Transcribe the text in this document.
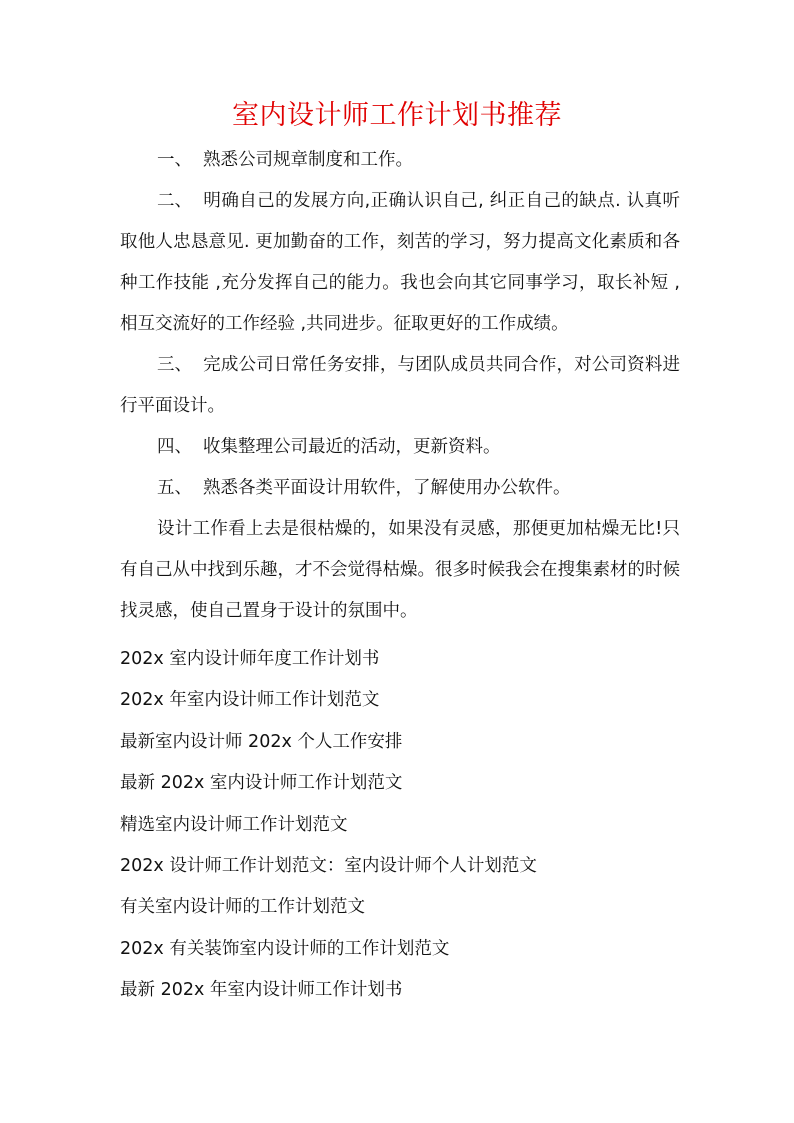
室内设计师工作计划书推荐

一、 熟悉公司规章制度和工作。

二、 明确自己的发展方向,正确认识自己, 纠正自己的缺点. 认真听取他人忠恳意见. 更加勤奋的工作，刻苦的学习，努力提高文化素质和各种工作技能 ,充分发挥自己的能力。我也会向其它同事学习，取长补短 ,相互交流好的工作经验 ,共同进步。征取更好的工作成绩。

三、 完成公司日常任务安排，与团队成员共同合作，对公司资料进行平面设计。

四、 收集整理公司最近的活动，更新资料。

五、 熟悉各类平面设计用软件，了解使用办公软件。

设计工作看上去是很枯燥的，如果没有灵感，那便更加枯燥无比!只有自己从中找到乐趣，才不会觉得枯燥。很多时候我会在搜集素材的时候找灵感，使自己置身于设计的氛围中。

202x 室内设计师年度工作计划书
202x 年室内设计师工作计划范文
最新室内设计师 202x 个人工作安排
最新 202x 室内设计师工作计划范文
精选室内设计师工作计划范文
202x 设计师工作计划范文：室内设计师个人计划范文
有关室内设计师的工作计划范文
202x 有关装饰室内设计师的工作计划范文
最新 202x 年室内设计师工作计划书
